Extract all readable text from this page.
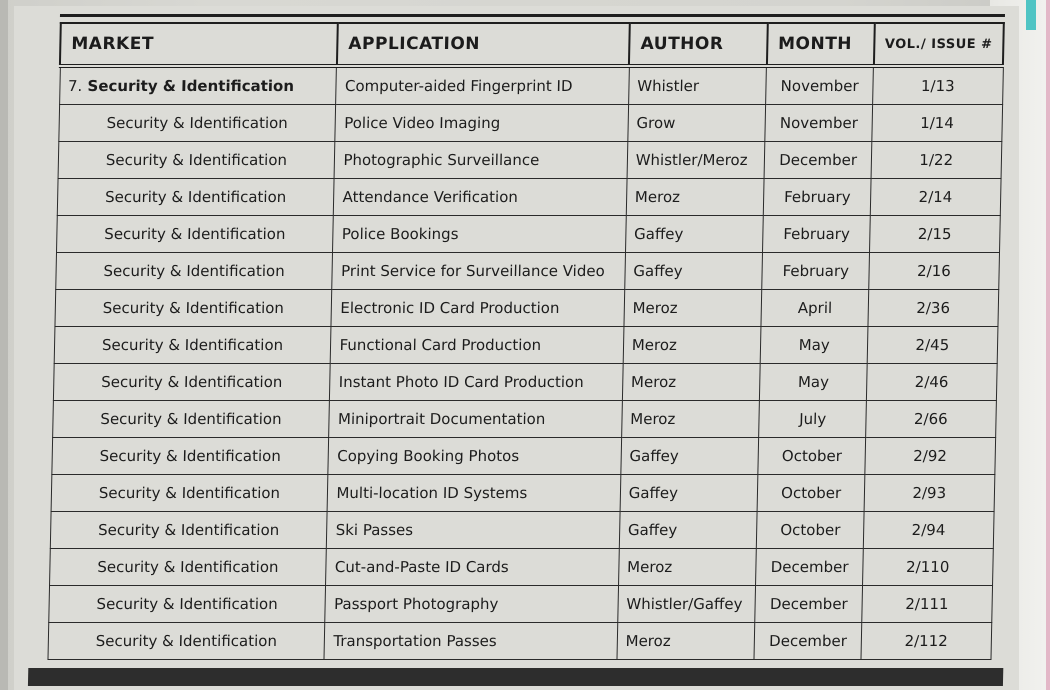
MARKET	APPLICATION	AUTHOR	MONTH	VOL./ ISSUE #
7. Security & Identification	Computer-aided Fingerprint ID	Whistler	November	1/13
Security & Identification	Police Video Imaging	Grow	November	1/14
Security & Identification	Photographic Surveillance	Whistler/Meroz	December	1/22
Security & Identification	Attendance Verification	Meroz	February	2/14
Security & Identification	Police Bookings	Gaffey	February	2/15
Security & Identification	Print Service for Surveillance Video	Gaffey	February	2/16
Security & Identification	Electronic ID Card Production	Meroz	April	2/36
Security & Identification	Functional Card Production	Meroz	May	2/45
Security & Identification	Instant Photo ID Card Production	Meroz	May	2/46
Security & Identification	Miniportrait Documentation	Meroz	July	2/66
Security & Identification	Copying Booking Photos	Gaffey	October	2/92
Security & Identification	Multi-location ID Systems	Gaffey	October	2/93
Security & Identification	Ski Passes	Gaffey	October	2/94
Security & Identification	Cut-and-Paste ID Cards	Meroz	December	2/110
Security & Identification	Passport Photography	Whistler/Gaffey	December	2/111
Security & Identification	Transportation Passes	Meroz	December	2/112
